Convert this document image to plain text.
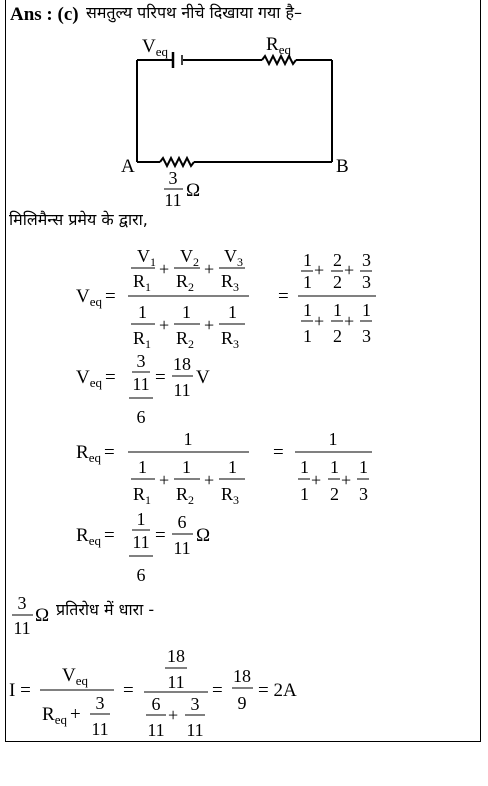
Ans : (c) समतुल्य परिपथ नीचे दिखाया गया है–
$V_{eq}$	$R_{eq}$
A	B
3
11 Ω
मिलिमैन्स प्रमेय के द्वारा,
$V_{eq}$ =
$V_1$
$R_1$
+
$V_2$
$R_2$
+
$V_3$
$R_3$
1
$R_1$
+
1
$R_2$
+
1
$R_3$
=
1
1
+ 2
2
+ 3
3
1
1
+
1
2
+
1
3
$V_{eq}$ =
3
11
6
=
18
11
V
$R_{eq}$ =
1
1
$R_1$
+
1
$R_2$
+
1
$R_3$
=
1
1
1
+
1
2
+
1
3
$R_{eq}$ =
1
11
6
=
6
11
Ω
3
11
Ω प्रतिरोध में धारा -
I =
$V_{eq}$
$R_{eq}$ +
3
11
=
18
11
6
11
+
3
11
=
18
9
= 2A
